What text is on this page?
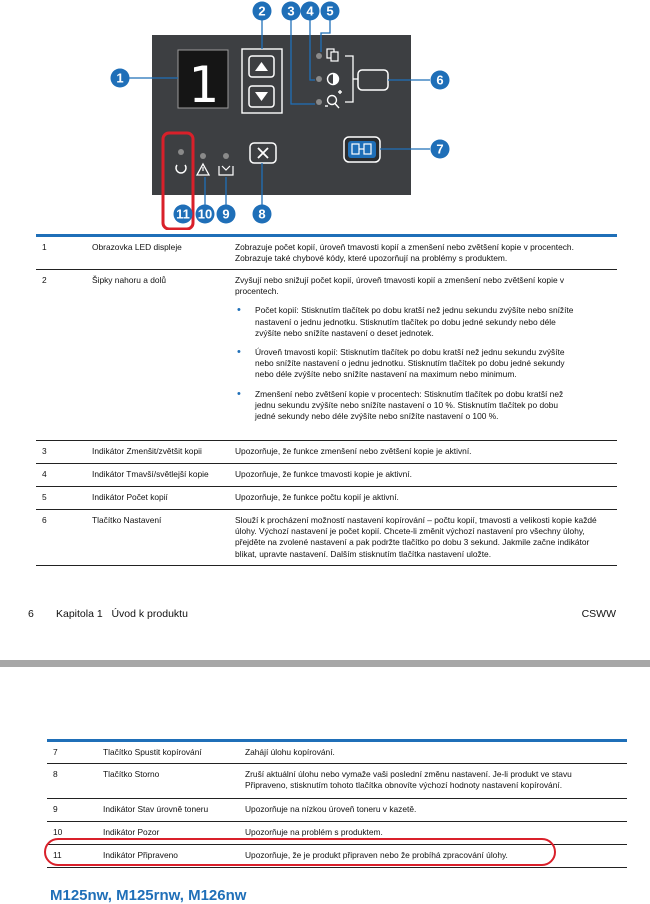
1
1
2 3 4 5
6
7
8
9
10
11
1	Obrazovka LED displeje	Zobrazuje počet kopií, úroveň tmavosti kopií a zmenšení nebo zvětšení kopie v procentech.

Zobrazuje také chybové kódy, které upozorňují na problémy s produktem.

2	Šipky nahoru a dolů	Zvyšují nebo snižují počet kopií, úroveň tmavosti kopií a zmenšení nebo zvětšení kopie v procentech.

• Počet kopií: Stisknutím tlačítek po dobu kratší než jednu sekundu zvýšíte nebo snížíte nastavení o jednu jednotku. Stisknutím tlačítek po dobu jedné sekundy nebo déle zvýšíte nebo snížíte nastavení o deset jednotek.
• Úroveň tmavosti kopií: Stisknutím tlačítek po dobu kratší než jednu sekundu zvýšíte nebo snížíte nastavení o jednu jednotku. Stisknutím tlačítek po dobu jedné sekundy nebo déle zvýšíte nebo snížíte nastavení na maximum nebo minimum.
• Zmenšení nebo zvětšení kopie v procentech: Stisknutím tlačítek po dobu kratší než jednu sekundu zvýšíte nebo snížíte nastavení o 10 %. Stisknutím tlačítek po dobu jedné sekundy nebo déle zvýšíte nebo snížíte nastavení o 100 %.
3	Indikátor Zmenšit/zvětšit kopii	Upozorňuje, že funkce zmenšení nebo zvětšení kopie je aktivní.
4	Indikátor Tmavší/světlejší kopie	Upozorňuje, že funkce tmavosti kopie je aktivní.
5	Indikátor Počet kopií	Upozorňuje, že funkce počtu kopií je aktivní.
6	Tlačítko Nastavení	Slouží k procházení možností nastavení kopírování – počtu kopií, tmavosti a velikosti kopie každé úlohy. Výchozí nastavení je počet kopií. Chcete-li změnit výchozí nastavení pro všechny úlohy, přejděte na zvolené nastavení a pak podržte tlačítko po dobu 3 sekund. Jakmile začne indikátor blikat, upravte nastavení. Dalším stisknutím tlačítka nastavení uložte.

6 Kapitola 1   Úvod k produktu	CSWW
7	Tlačítko Spustit kopírování	Zahájí úlohu kopírování.
8	Tlačítko Storno	Zruší aktuální úlohu nebo vymaže vaši poslední změnu nastavení. Je-li produkt ve stavu Připraveno, stisknutím tohoto tlačítka obnovíte výchozí hodnoty nastavení kopírování.

9	Indikátor Stav úrovně toneru	Upozorňuje na nízkou úroveň toneru v kazetě.
10	Indikátor Pozor	Upozorňuje na problém s produktem.
11	Indikátor Připraveno	Upozorňuje, že je produkt připraven nebo že probíhá zpracování úlohy.
M125nw, M125rnw, M126nw
